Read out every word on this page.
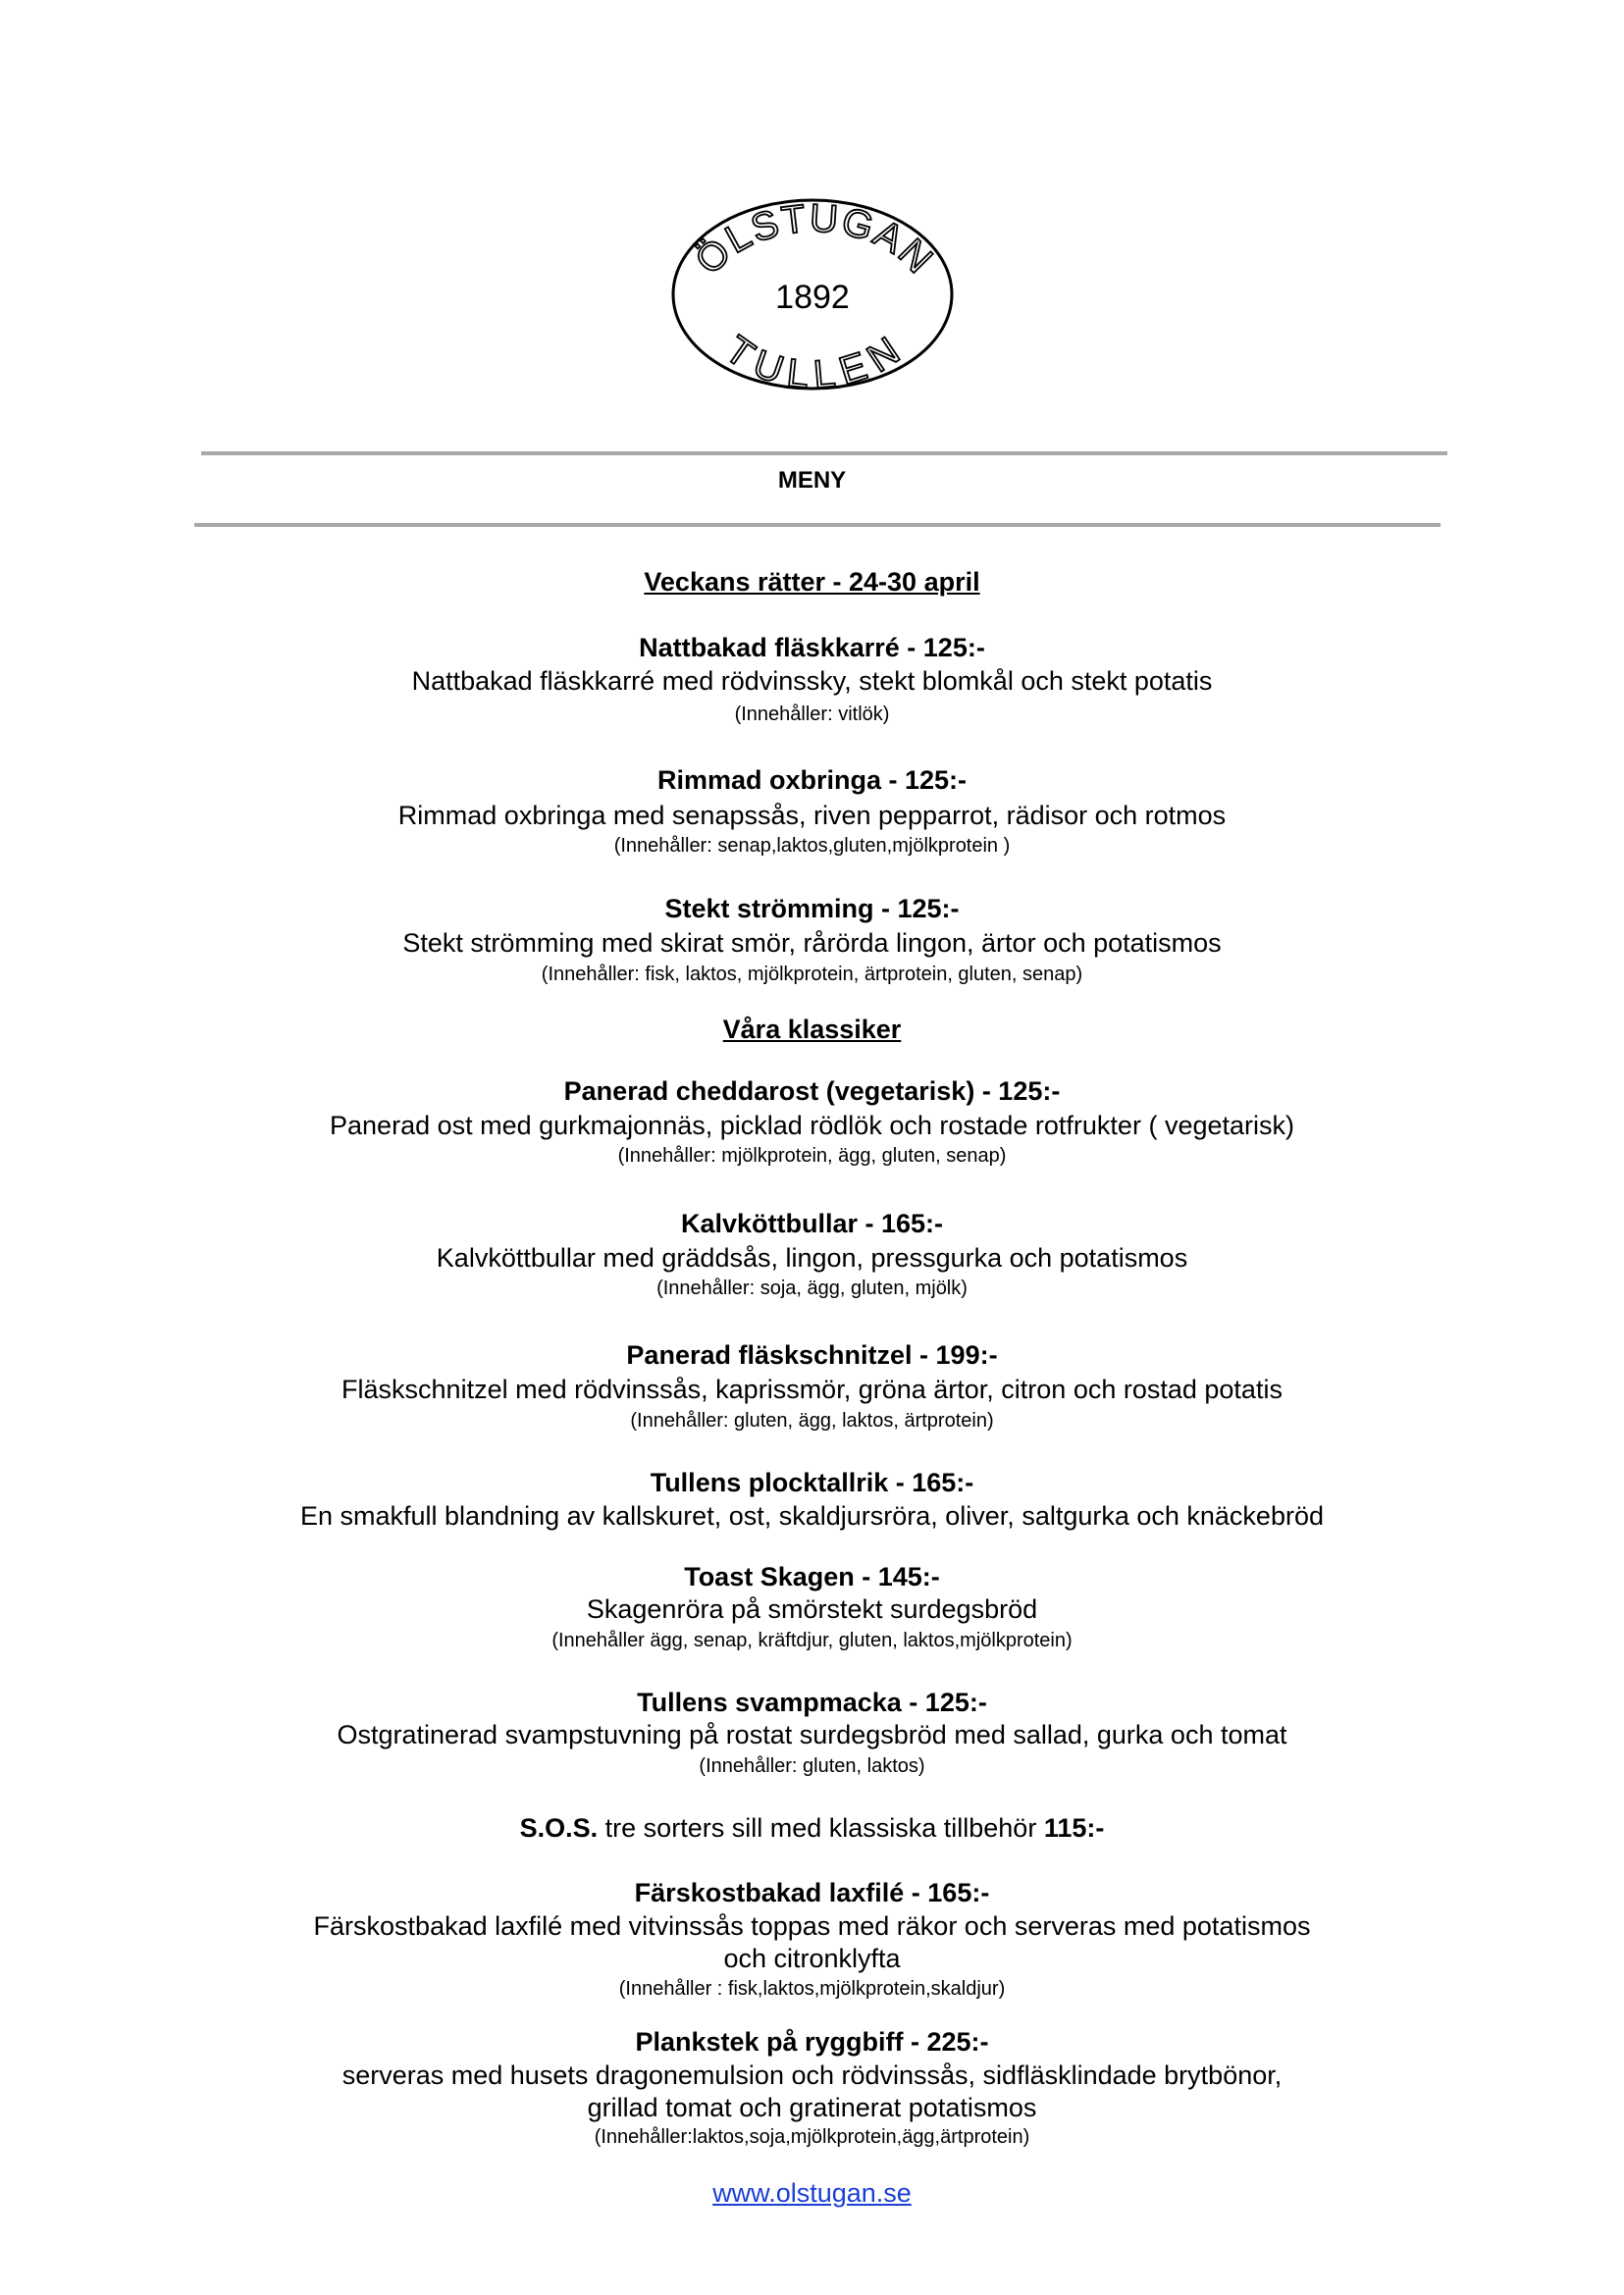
ÖLSTUGAN
1892
TULLEN
MENY
Veckans rätter - 24-30 april
Nattbakad fläskkarré - 125:-
Nattbakad fläskkarré med rödvinssky, stekt blomkål och stekt potatis
(Innehåller: vitlök)
Rimmad oxbringa - 125:-
Rimmad oxbringa med senapssås, riven pepparrot, rädisor och rotmos
(Innehåller: senap,laktos,gluten,mjölkprotein )
Stekt strömming - 125:-
Stekt strömming med skirat smör, rårörda lingon, ärtor och potatismos
(Innehåller: fisk, laktos, mjölkprotein, ärtprotein, gluten, senap)
Våra klassiker
Panerad cheddarost (vegetarisk) - 125:-
Panerad ost med gurkmajonnäs, picklad rödlök och rostade rotfrukter ( vegetarisk)
(Innehåller: mjölkprotein, ägg, gluten, senap)
Kalvköttbullar - 165:-
Kalvköttbullar med gräddsås, lingon, pressgurka och potatismos
(Innehåller: soja, ägg, gluten, mjölk)
Panerad fläskschnitzel - 199:-
Fläskschnitzel med rödvinssås, kaprissmör, gröna ärtor, citron och rostad potatis
(Innehåller: gluten, ägg, laktos, ärtprotein)
Tullens plocktallrik - 165:-
En smakfull blandning av kallskuret, ost, skaldjursröra, oliver, saltgurka och knäckebröd
Toast Skagen - 145:-
Skagenröra på smörstekt surdegsbröd
(Innehåller ägg, senap, kräftdjur, gluten, laktos,mjölkprotein)
Tullens svampmacka - 125:-
Ostgratinerad svampstuvning på rostat surdegsbröd med sallad, gurka och tomat
(Innehåller: gluten, laktos)
S.O.S. tre sorters sill med klassiska tillbehör 115:-
Färskostbakad laxfilé - 165:-
Färskostbakad laxfilé med vitvinssås toppas med räkor och serveras med potatismos
och citronklyfta
(Innehåller : fisk,laktos,mjölkprotein,skaldjur)
Plankstek på ryggbiff - 225:-
serveras med husets dragonemulsion och rödvinssås, sidfläsklindade brytbönor,
grillad tomat och gratinerat potatismos
(Innehåller:laktos,soja,mjölkprotein,ägg,ärtprotein)
www.olstugan.se
